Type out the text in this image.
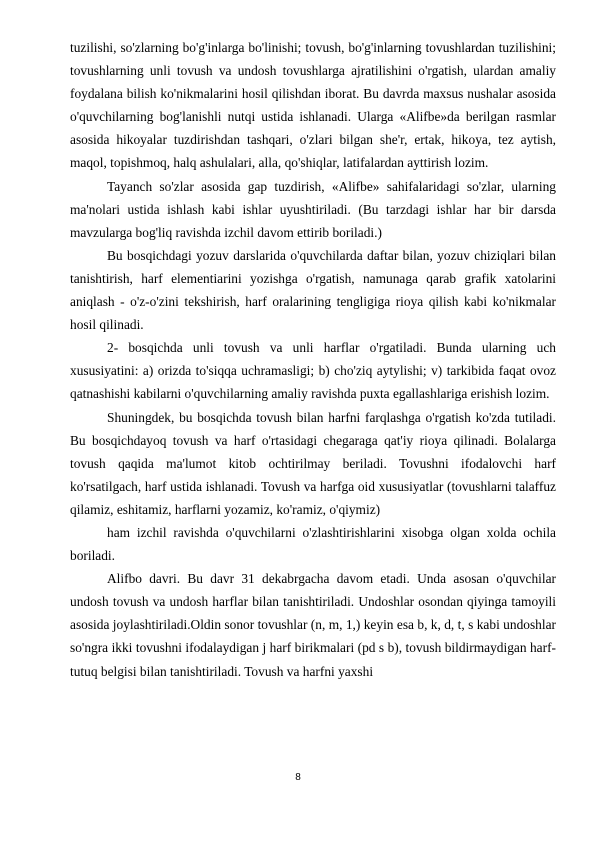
tuzilishi, so'zlarning bo'g'inlarga bo'linishi; tovush, bo'g'inlarning tovushlardan tuzilishini; tovushlarning unli tovush va undosh tovushlarga ajratilishini o'rgatish, ulardan amaliy foydalana bilish ko'nikmalarini hosil qilishdan iborat. Bu davrda maxsus nushalar asosida o'quvchilarning bog'lanishli nutqi ustida ishlanadi. Ularga «Alifbe»da berilgan rasmlar asosida hikoyalar tuzdirishdan tashqari, o'zlari bilgan she'r, ertak, hikoya, tez aytish, maqol, topishmoq, halq ashulalari, alla, qo'shiqlar, latifalardan ayttirish lozim.

Tayanch so'zlar asosida gap tuzdirish, «Alifbe» sahifalaridagi so'zlar, ularning ma'nolari ustida ishlash kabi ishlar uyushtiriladi. (Bu tarzdagi ishlar har bir darsda mavzularga bog'liq ravishda izchil davom ettirib boriladi.)

Bu bosqichdagi yozuv darslarida o'quvchilarda daftar bilan, yozuv chiziqlari bilan tanishtirish, harf elementiarini yozishga o'rgatish, namunaga qarab grafik xatolarini aniqlash - o'z-o'zini tekshirish, harf oralarining tengligiga rioya qilish kabi ko'nikmalar hosil qilinadi.

2- bosqichda unli tovush va unli harflar o'rgatiladi. Bunda ularning uch xususiyatini: a) orizda to'siqqa uchramasligi; b) cho'ziq aytylishi; v) tarkibida faqat ovoz qatnashishi kabilarni o'quvchilarning amaliy ravishda puxta egallashlariga erishish lozim.

Shuningdek, bu bosqichda tovush bilan harfni farqlashga o'rgatish ko'zda tutiladi. Bu bosqichdayoq tovush va harf o'rtasidagi chegaraga qat'iy rioya qilinadi. Bolalarga tovush qaqida ma'lumot kitob ochtirilmay beriladi. Tovushni ifodalovchi harf ko'rsatilgach, harf ustida ishlanadi. Tovush va harfga oid xususiyatlar (tovushlarni talaffuz qilamiz, eshitamiz, harflarni yozamiz, ko'ramiz, o'qiymiz)

ham izchil ravishda o'quvchilarni o'zlashtirishlarini xisobga olgan xolda ochila boriladi.

Alifbo davri. Bu davr 31 dekabrgacha davom etadi. Unda asosan o'quvchilar undosh tovush va undosh harflar bilan tanishtiriladi. Undoshlar osondan qiyinga tamoyili asosida joylashtiriladi.Oldin sonor tovushlar (n, m, 1,) keyin esa b, k, d, t, s kabi undoshlar so'ngra ikki tovushni ifodalaydigan j harf birikmalari (pd s b), tovush bildirmaydigan harf-tutuq belgisi bilan tanishtiriladi. Tovush va harfni yaxshi

8
